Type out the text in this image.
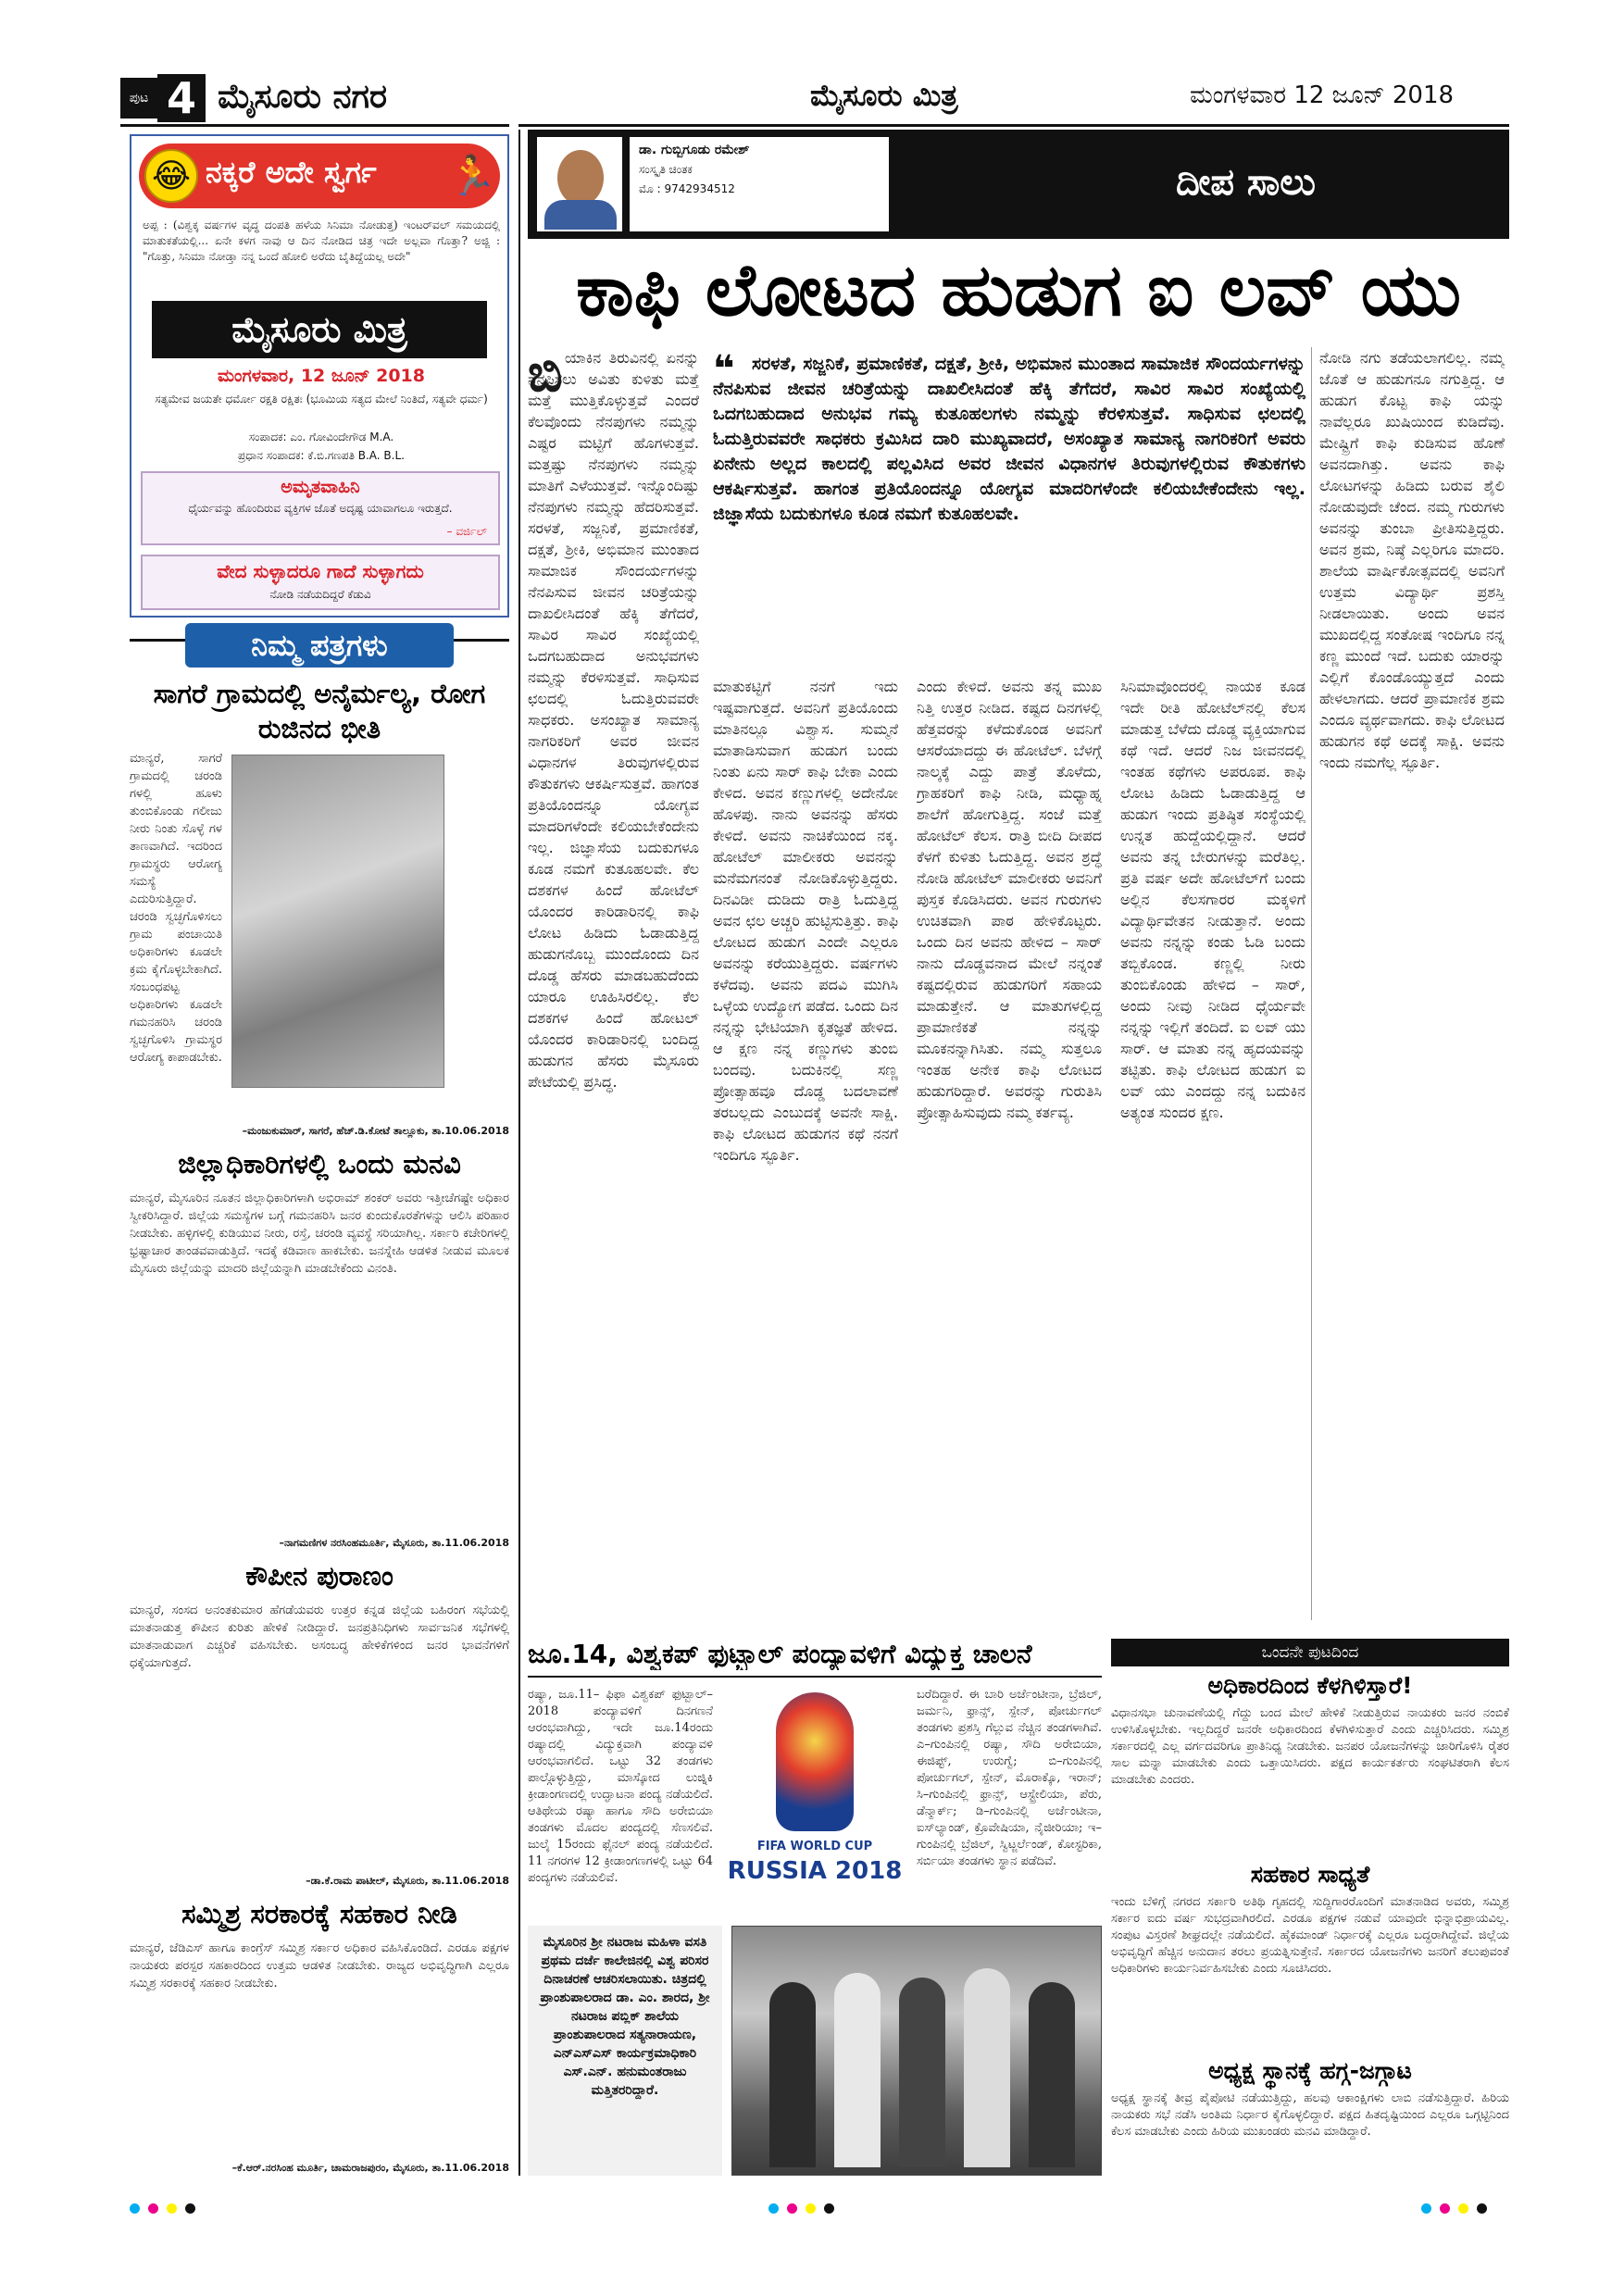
ಪುಟ 4 ಮೈಸೂರು ನಗರ	ಮೈಸೂರು ಮಿತ್ರ	ಮಂಗಳವಾರ 12 ಜೂನ್ 2018
😂 ನಕ್ಕರೆ ಅದೇ ಸ್ವರ್ಗ 🏃
ಅಪ್ಪ : (ವಿಶ್ವಕ್ಕ ವರ್ಷಗಳ ವೃದ್ಧ ದಂಪತಿ ಹಳೆಯ ಸಿನಿಮಾ ನೋಡುತ್ತ) ಇಂಟರ್‌ವಲ್ ಸಮಯದಲ್ಲಿ ಮಾತುಕತೆಯಲ್ಲಿ... ಏನೇ ಕಳಗ ನಾವು ಆ ದಿನ ನೋಡಿದ ಚಿತ್ರ ಇದೇ ಅಲ್ಲವಾ ಗೊತ್ತಾ? ಅಜ್ಜಿ : "ಗೊತ್ತು, ಸಿನಿಮಾ ನೋಡ್ತಾ ನನ್ನ ಒಂದೆ ಹೋಲಿ ಅರೆದು ಬೈತಿದ್ದೆಯಲ್ಲ ಅದೇ"
ಮೈಸೂರು ಮಿತ್ರ
ಮಂಗಳವಾರ, 12 ಜೂನ್ 2018
ಸತ್ಯಮೇವ ಜಯತೇ ಧರ್ಮೋ ರಕ್ಷತಿ ರಕ್ಷಿತಃ (ಭೂಮಿಯ ಸತ್ಯದ ಮೇಲೆ ನಿಂತಿದೆ, ಸತ್ಯವೇ ಧರ್ಮ)
ಸಂಪಾದಕ: ಎಂ. ಗೋವಿಂದೇಗೌಡ M.A.
ಪ್ರಧಾನ ಸಂಪಾದಕ: ಕೆ.ಬಿ.ಗಣಪತಿ B.A. B.L.
ಅಮೃತವಾಹಿನಿ
ಧೈರ್ಯವನ್ನು ಹೊಂದಿರುವ ವ್ಯಕ್ತಿಗಳ ಜೊತೆ ಅದೃಷ್ಟ ಯಾವಾಗಲೂ ಇರುತ್ತದೆ.
– ವರ್ಜಿಲ್
ವೇದ ಸುಳ್ಳಾದರೂ ಗಾದೆ ಸುಳ್ಳಾಗದು
ನೋಡಿ ನಡೆಯದಿದ್ದರೆ ಕೆಡುವಿ
ನಿಮ್ಮ ಪತ್ರಗಳು
ಸಾಗರೆ ಗ್ರಾಮದಲ್ಲಿ ಅನೈರ್ಮಲ್ಯ, ರೋಗ ರುಜಿನದ ಭೀತಿ
ಮಾನ್ಯರೆ, ಸಾಗರೆ ಗ್ರಾಮದಲ್ಲಿ ಚರಂಡಿ ಗಳಲ್ಲಿ ಹೂಳು ತುಂಬಿಕೊಂಡು ಗಲೀಜು ನೀರು ನಿಂತು ಸೊಳ್ಳೆ ಗಳ ತಾಣವಾಗಿದೆ. ಇದರಿಂದ ಗ್ರಾಮಸ್ಥರು ಆರೋಗ್ಯ ಸಮಸ್ಯೆ ಎದುರಿಸುತ್ತಿದ್ದಾರೆ. ಚರಂಡಿ ಸ್ವಚ್ಛಗೊಳಿಸಲು ಗ್ರಾಮ ಪಂಚಾಯಿತಿ ಅಧಿಕಾರಿಗಳು ಕೂಡಲೇ ಕ್ರಮ ಕೈಗೊಳ್ಳಬೇಕಾಗಿದೆ. ಸಂಬಂಧಪಟ್ಟ ಅಧಿಕಾರಿಗಳು ಕೂಡಲೇ ಗಮನಹರಿಸಿ ಚರಂಡಿ ಸ್ವಚ್ಛಗೊಳಿಸಿ ಗ್ರಾಮಸ್ಥರ ಆರೋಗ್ಯ ಕಾಪಾಡಬೇಕು.
–ಮಂಜುಕುಮಾರ್, ಸಾಗರೆ, ಹೆಚ್.ಡಿ.ಕೋಟೆ ತಾಲ್ಲೂಕು, ತಾ.10.06.2018
ಜಿಲ್ಲಾಧಿಕಾರಿಗಳಲ್ಲಿ ಒಂದು ಮನವಿ
ಮಾನ್ಯರೆ, ಮೈಸೂರಿನ ನೂತನ ಜಿಲ್ಲಾಧಿಕಾರಿಗಳಾಗಿ ಅಭಿರಾಮ್ ಶಂಕರ್ ಅವರು ಇತ್ತೀಚೆಗಷ್ಟೇ ಅಧಿಕಾರ ಸ್ವೀಕರಿಸಿದ್ದಾರೆ. ಜಿಲ್ಲೆಯ ಸಮಸ್ಯೆಗಳ ಬಗ್ಗೆ ಗಮನಹರಿಸಿ ಜನರ ಕುಂದುಕೊರತೆಗಳನ್ನು ಆಲಿಸಿ ಪರಿಹಾರ ನೀಡಬೇಕು. ಹಳ್ಳಿಗಳಲ್ಲಿ ಕುಡಿಯುವ ನೀರು, ರಸ್ತೆ, ಚರಂಡಿ ವ್ಯವಸ್ಥೆ ಸರಿಯಾಗಿಲ್ಲ. ಸರ್ಕಾರಿ ಕಚೇರಿಗಳಲ್ಲಿ ಭ್ರಷ್ಟಾಚಾರ ತಾಂಡವವಾಡುತ್ತಿದೆ. ಇದಕ್ಕೆ ಕಡಿವಾಣ ಹಾಕಬೇಕು. ಜನಸ್ನೇಹಿ ಆಡಳಿತ ನೀಡುವ ಮೂಲಕ ಮೈಸೂರು ಜಿಲ್ಲೆಯನ್ನು ಮಾದರಿ ಜಿಲ್ಲೆಯನ್ನಾಗಿ ಮಾಡಬೇಕೆಂದು ವಿನಂತಿ.
–ನಾಗಮಣಿಗಳ ನರಸಿಂಹಮೂರ್ತಿ, ಮೈಸೂರು, ತಾ.11.06.2018
ಕೌಪೀನ ಪುರಾಣಂ
ಮಾನ್ಯರೆ, ಸಂಸದ ಅನಂತಕುಮಾರ ಹೆಗಡೆಯವರು ಉತ್ತರ ಕನ್ನಡ ಜಿಲ್ಲೆಯ ಬಹಿರಂಗ ಸಭೆಯಲ್ಲಿ ಮಾತನಾಡುತ್ತ ಕೌಪೀನ ಕುರಿತು ಹೇಳಿಕೆ ನೀಡಿದ್ದಾರೆ. ಜನಪ್ರತಿನಿಧಿಗಳು ಸಾರ್ವಜನಿಕ ಸಭೆಗಳಲ್ಲಿ ಮಾತನಾಡುವಾಗ ಎಚ್ಚರಿಕೆ ವಹಿಸಬೇಕು. ಅಸಂಬದ್ಧ ಹೇಳಿಕೆಗಳಿಂದ ಜನರ ಭಾವನೆಗಳಿಗೆ ಧಕ್ಕೆಯಾಗುತ್ತದೆ.
–ಡಾ.ಕೆ.ರಾಮ ಪಾಟೀಲ್, ಮೈಸೂರು, ತಾ.11.06.2018
ಸಮ್ಮಿಶ್ರ ಸರಕಾರಕ್ಕೆ ಸಹಕಾರ ನೀಡಿ
ಮಾನ್ಯರೆ, ಜೆಡಿಎಸ್ ಹಾಗೂ ಕಾಂಗ್ರೆಸ್ ಸಮ್ಮಿಶ್ರ ಸರ್ಕಾರ ಅಧಿಕಾರ ವಹಿಸಿಕೊಂಡಿದೆ. ಎರಡೂ ಪಕ್ಷಗಳ ನಾಯಕರು ಪರಸ್ಪರ ಸಹಕಾರದಿಂದ ಉತ್ತಮ ಆಡಳಿತ ನೀಡಬೇಕು. ರಾಜ್ಯದ ಅಭಿವೃದ್ಧಿಗಾಗಿ ಎಲ್ಲರೂ ಸಮ್ಮಿಶ್ರ ಸರಕಾರಕ್ಕೆ ಸಹಕಾರ ನೀಡಬೇಕು.
–ಕೆ.ಆರ್.ನರಸಿಂಹ ಮೂರ್ತಿ, ಚಾಮರಾಜಪುರಂ, ಮೈಸೂರು, ತಾ.11.06.2018
ಡಾ. ಗುಬ್ಬಿಗೂಡು ರಮೇಶ್
ಸಂಸ್ಕೃತಿ ಚಿಂತಕ
ಮೊ : 9742934512	ದೀಪ ಸಾಲು
ಕಾಫಿ ಲೋಟದ ಹುಡುಗ ಐ ಲವ್ ಯು
ಬಿ ಯಾಕಿನ ತಿರುವಿನಲ್ಲಿ ಏನನ್ನು ನೆನಪಿಸಲು ಅವಿತು ಕುಳಿತು ಮತ್ತೆ ಮತ್ತೆ ಮುತ್ತಿಕೊಳ್ಳುತ್ತವೆ ಎಂದರೆ ಕೆಲವೊಂದು ನೆನಪುಗಳು ನಮ್ಮನ್ನು ಎಷ್ಟರ ಮಟ್ಟಿಗೆ ಹೊಗಳುತ್ತವೆ. ಮತ್ತಷ್ಟು ನೆನಪುಗಳು ನಮ್ಮನ್ನು ಮಾತಿಗೆ ಎಳೆಯುತ್ತವೆ. ಇನ್ನೊಂದಿಷ್ಟು ನೆನಪುಗಳು ನಮ್ಮನ್ನು ಹೆದರಿಸುತ್ತವೆ. ಸರಳತೆ, ಸಜ್ಜನಿಕೆ, ಪ್ರಮಾಣಿಕತೆ, ದಕ್ಷತೆ, ಶ್ರೀಕಿ, ಅಭಿಮಾನ ಮುಂತಾದ ಸಾಮಾಜಿಕ ಸೌಂದರ್ಯಗಳನ್ನು ನೆನಪಿಸುವ ಜೀವನ ಚರಿತ್ರೆಯನ್ನು ದಾಖಲೀಸಿದಂತೆ ಹೆಕ್ಕಿ ತೆಗೆದರೆ, ಸಾವಿರ ಸಾವಿರ ಸಂಖ್ಯೆಯಲ್ಲಿ ಒದಗಬಹುದಾದ ಅನುಭವಗಳು ನಮ್ಮನ್ನು ಕೆರಳಿಸುತ್ತವೆ. ಸಾಧಿಸುವ ಛಲದಲ್ಲಿ ಓದುತ್ತಿರುವವರೇ ಸಾಧಕರು. ಅಸಂಖ್ಯಾತ ಸಾಮಾನ್ಯ ನಾಗರಿಕರಿಗೆ ಅವರ ಜೀವನ ವಿಧಾನಗಳ ತಿರುವುಗಳಲ್ಲಿರುವ ಕೌತುಕಗಳು ಆಕರ್ಷಿಸುತ್ತವೆ. ಹಾಗಂತ ಪ್ರತಿಯೊಂದನ್ನೂ ಯೋಗ್ಯವ ಮಾದರಿಗಳೆಂದೇ ಕಲಿಯಬೇಕೆಂದೇನು ಇಲ್ಲ. ಜಿಜ್ಞಾಸೆಯ ಬದುಕುಗಳೂ ಕೂಡ ನಮಗೆ ಕುತೂಹಲವೇ. ಕೆಲ ದಶಕಗಳ ಹಿಂದೆ ಹೋಟೆಲ್ ಯೊಂದರ ಕಾರಿಡಾರಿನಲ್ಲಿ ಕಾಫಿ ಲೋಟ ಹಿಡಿದು ಓಡಾಡುತ್ತಿದ್ದ ಹುಡುಗನೊಬ್ಬ ಮುಂದೊಂದು ದಿನ ದೊಡ್ಡ ಹೆಸರು ಮಾಡಬಹುದೆಂದು ಯಾರೂ ಊಹಿಸಿರಲಿಲ್ಲ. ಕೆಲ ದಶಕಗಳ ಹಿಂದೆ ಹೋಟಲ್ ಯೊಂದರ ಕಾರಿಡಾರಿನಲ್ಲಿ ಬಂದಿದ್ದ ಹುಡುಗನ ಹೆಸರು ಮೈಸೂರು ಪೇಟೆಯಲ್ಲಿ ಪ್ರಸಿದ್ಧ.
❝ ಸರಳತೆ, ಸಜ್ಜನಿಕೆ, ಪ್ರಮಾಣಿಕತೆ, ದಕ್ಷತೆ, ಶ್ರೀಕಿ, ಅಭಿಮಾನ ಮುಂತಾದ ಸಾಮಾಜಿಕ ಸೌಂದರ್ಯಗಳನ್ನು ನೆನಪಿಸುವ ಜೀವನ ಚರಿತ್ರೆಯನ್ನು ದಾಖಲೀಸಿದಂತೆ ಹೆಕ್ಕಿ ತೆಗೆದರೆ, ಸಾವಿರ ಸಾವಿರ ಸಂಖ್ಯೆಯಲ್ಲಿ ಒದಗಬಹುದಾದ ಅನುಭವ ಗಮ್ಯ ಕುತೂಹಲಗಳು ನಮ್ಮನ್ನು ಕೆರಳಿಸುತ್ತವೆ. ಸಾಧಿಸುವ ಛಲದಲ್ಲಿ ಓದುತ್ತಿರುವವರೇ ಸಾಧಕರು ಕ್ರಮಿಸಿದ ದಾರಿ ಮುಖ್ಯವಾದರೆ, ಅಸಂಖ್ಯಾತ ಸಾಮಾನ್ಯ ನಾಗರಿಕರಿಗೆ ಅವರು ಏನೇನು ಅಲ್ಲದ ಕಾಲದಲ್ಲಿ ಪಲ್ಲವಿಸಿದ ಅವರ ಜೀವನ ವಿಧಾನಗಳ ತಿರುವುಗಳಲ್ಲಿರುವ ಕೌತುಕಗಳು ಆಕರ್ಷಿಸುತ್ತವೆ. ಹಾಗಂತ ಪ್ರತಿಯೊಂದನ್ನೂ ಯೋಗ್ಯವ ಮಾದರಿಗಳೆಂದೇ ಕಲಿಯಬೇಕೆಂದೇನು ಇಲ್ಲ. ಜಿಜ್ಞಾಸೆಯ ಬದುಕುಗಳೂ ಕೂಡ ನಮಗೆ ಕುತೂಹಲವೇ.
ನೋಡಿ ನಗು ತಡೆಯಲಾಗಲಿಲ್ಲ. ನಮ್ಮ ಜೊತೆ ಆ ಹುಡುಗನೂ ನಗುತ್ತಿದ್ದ. ಆ ಹುಡುಗ ಕೊಟ್ಟ ಕಾಫಿ ಯನ್ನು ನಾವೆಲ್ಲರೂ ಖುಷಿಯಿಂದ ಕುಡಿದೆವು. ಮೇಷ್ಟ್ರಿಗೆ ಕಾಫಿ ಕುಡಿಸುವ ಹೊಣೆ ಅವನದಾಗಿತ್ತು. ಅವನು ಕಾಫಿ ಲೋಟಗಳನ್ನು ಹಿಡಿದು ಬರುವ ಶೈಲಿ ನೋಡುವುದೇ ಚೆಂದ. ನಮ್ಮ ಗುರುಗಳು ಅವನನ್ನು ತುಂಬಾ ಪ್ರೀತಿಸುತ್ತಿದ್ದರು. ಅವನ ಶ್ರಮ, ನಿಷ್ಠೆ ಎಲ್ಲರಿಗೂ ಮಾದರಿ. ಶಾಲೆಯ ವಾರ್ಷಿಕೋತ್ಸವದಲ್ಲಿ ಅವನಿಗೆ ಉತ್ತಮ ವಿದ್ಯಾರ್ಥಿ ಪ್ರಶಸ್ತಿ ನೀಡಲಾಯಿತು. ಅಂದು ಅವನ ಮುಖದಲ್ಲಿದ್ದ ಸಂತೋಷ ಇಂದಿಗೂ ನನ್ನ ಕಣ್ಣ ಮುಂದೆ ಇದೆ. ಬದುಕು ಯಾರನ್ನು ಎಲ್ಲಿಗೆ ಕೊಂಡೊಯ್ಯುತ್ತದೆ ಎಂದು ಹೇಳಲಾಗದು. ಆದರೆ ಪ್ರಾಮಾಣಿಕ ಶ್ರಮ ಎಂದೂ ವ್ಯರ್ಥವಾಗದು. ಕಾಫಿ ಲೋಟದ ಹುಡುಗನ ಕಥೆ ಅದಕ್ಕೆ ಸಾಕ್ಷಿ. ಅವನು ಇಂದು ನಮಗೆಲ್ಲ ಸ್ಫೂರ್ತಿ.
ಮಾತುಕಟ್ಟಿಗೆ ನನಗೆ ಇದು ಇಷ್ಟವಾಗುತ್ತದೆ. ಅವನಿಗೆ ಪ್ರತಿಯೊಂದು ಮಾತಿನಲ್ಲೂ ವಿಶ್ವಾಸ. ಸುಮ್ಮನೆ ಮಾತಾಡಿಸುವಾಗ ಹುಡುಗ ಬಂದು ನಿಂತು ಏನು ಸಾರ್ ಕಾಫಿ ಬೇಕಾ ಎಂದು ಕೇಳಿದ. ಅವನ ಕಣ್ಣುಗಳಲ್ಲಿ ಅದೇನೋ ಹೊಳಪು. ನಾನು ಅವನನ್ನು ಹೆಸರು ಕೇಳಿದೆ. ಅವನು ನಾಚಿಕೆಯಿಂದ ನಕ್ಕ. ಹೋಟೆಲ್ ಮಾಲೀಕರು ಅವನನ್ನು ಮನೆಮಗನಂತೆ ನೋಡಿಕೊಳ್ಳುತ್ತಿದ್ದರು. ದಿನವಿಡೀ ದುಡಿದು ರಾತ್ರಿ ಓದುತ್ತಿದ್ದ ಅವನ ಛಲ ಅಚ್ಚರಿ ಹುಟ್ಟಿಸುತ್ತಿತ್ತು. ಕಾಫಿ ಲೋಟದ ಹುಡುಗ ಎಂದೇ ಎಲ್ಲರೂ ಅವನನ್ನು ಕರೆಯುತ್ತಿದ್ದರು. ವರ್ಷಗಳು ಕಳೆದವು. ಅವನು ಪದವಿ ಮುಗಿಸಿ ಒಳ್ಳೆಯ ಉದ್ಯೋಗ ಪಡೆದ. ಒಂದು ದಿನ ನನ್ನನ್ನು ಭೇಟಿಯಾಗಿ ಕೃತಜ್ಞತೆ ಹೇಳಿದ. ಆ ಕ್ಷಣ ನನ್ನ ಕಣ್ಣುಗಳು ತುಂಬಿ ಬಂದವು. ಬದುಕಿನಲ್ಲಿ ಸಣ್ಣ ಪ್ರೋತ್ಸಾಹವೂ ದೊಡ್ಡ ಬದಲಾವಣೆ ತರಬಲ್ಲದು ಎಂಬುದಕ್ಕೆ ಅವನೇ ಸಾಕ್ಷಿ. ಕಾಫಿ ಲೋಟದ ಹುಡುಗನ ಕಥೆ ನನಗೆ ಇಂದಿಗೂ ಸ್ಫೂರ್ತಿ.
ಎಂದು ಕೇಳಿದೆ. ಅವನು ತನ್ನ ಮುಖ ನಿತ್ತಿ ಉತ್ತರ ನೀಡಿದ. ಕಷ್ಟದ ದಿನಗಳಲ್ಲಿ ಹೆತ್ತವರನ್ನು ಕಳೆದುಕೊಂಡ ಅವನಿಗೆ ಆಸರೆಯಾದದ್ದು ಈ ಹೋಟೆಲ್. ಬೆಳಗ್ಗೆ ನಾಲ್ಕಕ್ಕೆ ಎದ್ದು ಪಾತ್ರೆ ತೊಳೆದು, ಗ್ರಾಹಕರಿಗೆ ಕಾಫಿ ನೀಡಿ, ಮಧ್ಯಾಹ್ನ ಶಾಲೆಗೆ ಹೋಗುತ್ತಿದ್ದ. ಸಂಜೆ ಮತ್ತೆ ಹೋಟೆಲ್ ಕೆಲಸ. ರಾತ್ರಿ ಬೀದಿ ದೀಪದ ಕೆಳಗೆ ಕುಳಿತು ಓದುತ್ತಿದ್ದ. ಅವನ ಶ್ರದ್ಧೆ ನೋಡಿ ಹೋಟೆಲ್ ಮಾಲೀಕರು ಅವನಿಗೆ ಪುಸ್ತಕ ಕೊಡಿಸಿದರು. ಅವನ ಗುರುಗಳು ಉಚಿತವಾಗಿ ಪಾಠ ಹೇಳಿಕೊಟ್ಟರು. ಒಂದು ದಿನ ಅವನು ಹೇಳಿದ – ಸಾರ್ ನಾನು ದೊಡ್ಡವನಾದ ಮೇಲೆ ನನ್ನಂತೆ ಕಷ್ಟದಲ್ಲಿರುವ ಹುಡುಗರಿಗೆ ಸಹಾಯ ಮಾಡುತ್ತೇನೆ. ಆ ಮಾತುಗಳಲ್ಲಿದ್ದ ಪ್ರಾಮಾಣಿಕತೆ ನನ್ನನ್ನು ಮೂಕನನ್ನಾಗಿಸಿತು. ನಮ್ಮ ಸುತ್ತಲೂ ಇಂತಹ ಅನೇಕ ಕಾಫಿ ಲೋಟದ ಹುಡುಗರಿದ್ದಾರೆ. ಅವರನ್ನು ಗುರುತಿಸಿ ಪ್ರೋತ್ಸಾಹಿಸುವುದು ನಮ್ಮ ಕರ್ತವ್ಯ.
ಸಿನಿಮಾವೊಂದರಲ್ಲಿ ನಾಯಕ ಕೂಡ ಇದೇ ರೀತಿ ಹೋಟೆಲ್‌ನಲ್ಲಿ ಕೆಲಸ ಮಾಡುತ್ತ ಬೆಳೆದು ದೊಡ್ಡ ವ್ಯಕ್ತಿಯಾಗುವ ಕಥೆ ಇದೆ. ಆದರೆ ನಿಜ ಜೀವನದಲ್ಲಿ ಇಂತಹ ಕಥೆಗಳು ಅಪರೂಪ. ಕಾಫಿ ಲೋಟ ಹಿಡಿದು ಓಡಾಡುತ್ತಿದ್ದ ಆ ಹುಡುಗ ಇಂದು ಪ್ರತಿಷ್ಠಿತ ಸಂಸ್ಥೆಯಲ್ಲಿ ಉನ್ನತ ಹುದ್ದೆಯಲ್ಲಿದ್ದಾನೆ. ಆದರೆ ಅವನು ತನ್ನ ಬೇರುಗಳನ್ನು ಮರೆತಿಲ್ಲ. ಪ್ರತಿ ವರ್ಷ ಅದೇ ಹೋಟೆಲ್‌ಗೆ ಬಂದು ಅಲ್ಲಿನ ಕೆಲಸಗಾರರ ಮಕ್ಕಳಿಗೆ ವಿದ್ಯಾರ್ಥಿವೇತನ ನೀಡುತ್ತಾನೆ. ಅಂದು ಅವನು ನನ್ನನ್ನು ಕಂಡು ಓಡಿ ಬಂದು ತಬ್ಬಿಕೊಂಡ. ಕಣ್ಣಲ್ಲಿ ನೀರು ತುಂಬಿಕೊಂಡು ಹೇಳಿದ – ಸಾರ್, ಅಂದು ನೀವು ನೀಡಿದ ಧೈರ್ಯವೇ ನನ್ನನ್ನು ಇಲ್ಲಿಗೆ ತಂದಿದೆ. ಐ ಲವ್ ಯು ಸಾರ್. ಆ ಮಾತು ನನ್ನ ಹೃದಯವನ್ನು ತಟ್ಟಿತು. ಕಾಫಿ ಲೋಟದ ಹುಡುಗ ಐ ಲವ್ ಯು ಎಂದದ್ದು ನನ್ನ ಬದುಕಿನ ಅತ್ಯಂತ ಸುಂದರ ಕ್ಷಣ.
ಜೂ.14, ವಿಶ್ವಕಪ್ ಫುಟ್ಬಾಲ್ ಪಂದ್ಯಾವಳಿಗೆ ವಿದ್ಯುಕ್ತ ಚಾಲನೆ
ರಷ್ಯಾ, ಜೂ.11– ಫಿಫಾ ವಿಶ್ವಕಪ್ ಫುಟ್ಬಾಲ್–2018 ಪಂದ್ಯಾವಳಿಗೆ ದಿನಗಣನೆ ಆರಂಭವಾಗಿದ್ದು, ಇದೇ ಜೂ.14ರಂದು ರಷ್ಯಾದಲ್ಲಿ ವಿದ್ಯುಕ್ತವಾಗಿ ಪಂದ್ಯಾವಳಿ ಆರಂಭವಾಗಲಿದೆ. ಒಟ್ಟು 32 ತಂಡಗಳು ಪಾಲ್ಗೊಳ್ಳುತ್ತಿದ್ದು, ಮಾಸ್ಕೋದ ಲುಜ್ನಿಕಿ ಕ್ರೀಡಾಂಗಣದಲ್ಲಿ ಉದ್ಘಾಟನಾ ಪಂದ್ಯ ನಡೆಯಲಿದೆ. ಆತಿಥೇಯ ರಷ್ಯಾ ಹಾಗೂ ಸೌದಿ ಅರೇಬಿಯಾ ತಂಡಗಳು ಮೊದಲ ಪಂದ್ಯದಲ್ಲಿ ಸೆಣಸಲಿವೆ. ಜುಲೈ 15ರಂದು ಫೈನಲ್ ಪಂದ್ಯ ನಡೆಯಲಿದೆ. 11 ನಗರಗಳ 12 ಕ್ರೀಡಾಂಗಣಗಳಲ್ಲಿ ಒಟ್ಟು 64 ಪಂದ್ಯಗಳು ನಡೆಯಲಿವೆ.
FIFA WORLD CUP
RUSSIA 2018
ಬರೆದಿದ್ದಾರೆ. ಈ ಬಾರಿ ಅರ್ಜೆಂಟೀನಾ, ಬ್ರೆಜಿಲ್, ಜರ್ಮನಿ, ಫ್ರಾನ್ಸ್, ಸ್ಪೇನ್, ಪೋರ್ಚುಗಲ್ ತಂಡಗಳು ಪ್ರಶಸ್ತಿ ಗೆಲ್ಲುವ ನೆಚ್ಚಿನ ತಂಡಗಳಾಗಿವೆ. ಎ–ಗುಂಪಿನಲ್ಲಿ ರಷ್ಯಾ, ಸೌದಿ ಅರೇಬಿಯಾ, ಈಜಿಪ್ಟ್, ಉರುಗ್ವೆ; ಬಿ–ಗುಂಪಿನಲ್ಲಿ ಪೋರ್ಚುಗಲ್, ಸ್ಪೇನ್, ಮೊರಾಕ್ಕೊ, ಇರಾನ್; ಸಿ–ಗುಂಪಿನಲ್ಲಿ ಫ್ರಾನ್ಸ್, ಆಸ್ಟ್ರೇಲಿಯಾ, ಪೆರು, ಡೆನ್ಮಾರ್ಕ್; ಡಿ–ಗುಂಪಿನಲ್ಲಿ ಅರ್ಜೆಂಟೀನಾ, ಐಸ್‌ಲ್ಯಾಂಡ್, ಕ್ರೊವೇಷಿಯಾ, ನೈಜೀರಿಯಾ; ಇ–ಗುಂಪಿನಲ್ಲಿ ಬ್ರೆಜಿಲ್, ಸ್ವಿಟ್ಜರ್ಲೆಂಡ್, ಕೋಸ್ಟರಿಕಾ, ಸರ್ಬಿಯಾ ತಂಡಗಳು ಸ್ಥಾನ ಪಡೆದಿವೆ.
ಮೈಸೂರಿನ ಶ್ರೀ ನಟರಾಜ ಮಹಿಳಾ ವಸತಿ ಪ್ರಥಮ ದರ್ಜೆ ಕಾಲೇಜಿನಲ್ಲಿ ವಿಶ್ವ ಪರಿಸರ ದಿನಾಚರಣೆ ಆಚರಿಸಲಾಯಿತು. ಚಿತ್ರದಲ್ಲಿ ಪ್ರಾಂಶುಪಾಲರಾದ ಡಾ. ಎಂ. ಶಾರದ, ಶ್ರೀ ನಟರಾಜ ಪಬ್ಲಿಕ್ ಶಾಲೆಯ ಪ್ರಾಂಶುಪಾಲರಾದ ಸತ್ಯನಾರಾಯಣ, ಎನ್‌ಎಸ್‌ಎಸ್ ಕಾರ್ಯಕ್ರಮಾಧಿಕಾರಿ ಎಸ್.ಎನ್. ಹನುಮಂತರಾಜು ಮತ್ತಿತರರಿದ್ದಾರೆ.
ಒಂದನೇ ಪುಟದಿಂದ
ಅಧಿಕಾರದಿಂದ ಕೆಳಗಿಳಿಸ್ತಾರೆ!
ವಿಧಾನಸಭಾ ಚುನಾವಣೆಯಲ್ಲಿ ಗೆದ್ದು ಬಂದ ಮೇಲೆ ಹೇಳಿಕೆ ನೀಡುತ್ತಿರುವ ನಾಯಕರು ಜನರ ನಂಬಿಕೆ ಉಳಿಸಿಕೊಳ್ಳಬೇಕು. ಇಲ್ಲದಿದ್ದರೆ ಜನರೇ ಅಧಿಕಾರದಿಂದ ಕೆಳಗಿಳಿಸುತ್ತಾರೆ ಎಂದು ಎಚ್ಚರಿಸಿದರು. ಸಮ್ಮಿಶ್ರ ಸರ್ಕಾರದಲ್ಲಿ ಎಲ್ಲ ವರ್ಗದವರಿಗೂ ಪ್ರಾತಿನಿಧ್ಯ ನೀಡಬೇಕು. ಜನಪರ ಯೋಜನೆಗಳನ್ನು ಜಾರಿಗೊಳಿಸಿ ರೈತರ ಸಾಲ ಮನ್ನಾ ಮಾಡಬೇಕು ಎಂದು ಒತ್ತಾಯಿಸಿದರು. ಪಕ್ಷದ ಕಾರ್ಯಕರ್ತರು ಸಂಘಟಿತರಾಗಿ ಕೆಲಸ ಮಾಡಬೇಕು ಎಂದರು.
ಸಹಕಾರ ಸಾಧ್ಯತೆ
ಇಂದು ಬೆಳಿಗ್ಗೆ ನಗರದ ಸರ್ಕಾರಿ ಅತಿಥಿ ಗೃಹದಲ್ಲಿ ಸುದ್ದಿಗಾರರೊಂದಿಗೆ ಮಾತನಾಡಿದ ಅವರು, ಸಮ್ಮಿಶ್ರ ಸರ್ಕಾರ ಐದು ವರ್ಷ ಸುಭದ್ರವಾಗಿರಲಿದೆ. ಎರಡೂ ಪಕ್ಷಗಳ ನಡುವೆ ಯಾವುದೇ ಭಿನ್ನಾಭಿಪ್ರಾಯವಿಲ್ಲ. ಸಂಪುಟ ವಿಸ್ತರಣೆ ಶೀಘ್ರದಲ್ಲೇ ನಡೆಯಲಿದೆ. ಹೈಕಮಾಂಡ್ ನಿರ್ಧಾರಕ್ಕೆ ಎಲ್ಲರೂ ಬದ್ಧರಾಗಿದ್ದೇವೆ. ಜಿಲ್ಲೆಯ ಅಭಿವೃದ್ಧಿಗೆ ಹೆಚ್ಚಿನ ಅನುದಾನ ತರಲು ಪ್ರಯತ್ನಿಸುತ್ತೇನೆ. ಸರ್ಕಾರದ ಯೋಜನೆಗಳು ಜನರಿಗೆ ತಲುಪುವಂತೆ ಅಧಿಕಾರಿಗಳು ಕಾರ್ಯನಿರ್ವಹಿಸಬೇಕು ಎಂದು ಸೂಚಿಸಿದರು.
ಅಧ್ಯಕ್ಷ ಸ್ಥಾನಕ್ಕೆ ಹಗ್ಗ-ಜಗ್ಗಾಟ
ಅಧ್ಯಕ್ಷ ಸ್ಥಾನಕ್ಕೆ ತೀವ್ರ ಪೈಪೋಟಿ ನಡೆಯುತ್ತಿದ್ದು, ಹಲವು ಆಕಾಂಕ್ಷಿಗಳು ಲಾಬಿ ನಡೆಸುತ್ತಿದ್ದಾರೆ. ಹಿರಿಯ ನಾಯಕರು ಸಭೆ ನಡೆಸಿ ಅಂತಿಮ ನಿರ್ಧಾರ ಕೈಗೊಳ್ಳಲಿದ್ದಾರೆ. ಪಕ್ಷದ ಹಿತದೃಷ್ಟಿಯಿಂದ ಎಲ್ಲರೂ ಒಗ್ಗಟ್ಟಿನಿಂದ ಕೆಲಸ ಮಾಡಬೇಕು ಎಂದು ಹಿರಿಯ ಮುಖಂಡರು ಮನವಿ ಮಾಡಿದ್ದಾರೆ.
